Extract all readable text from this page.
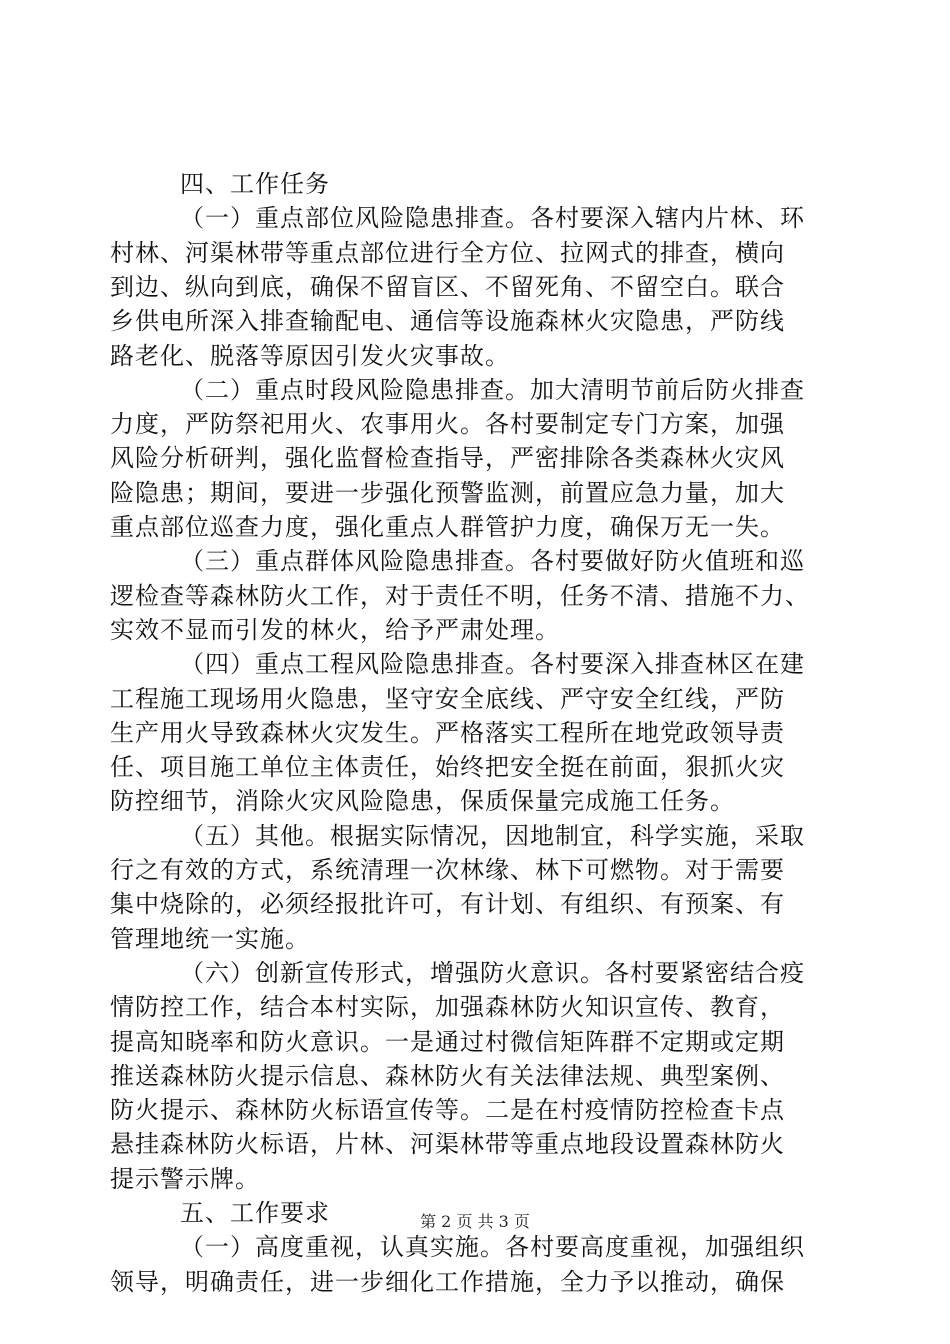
四、工作任务
（一）重点部位风险隐患排查。各村要深入辖内片林、环
村林、河渠林带等重点部位进行全方位、拉网式的排查，横向
到边、纵向到底，确保不留盲区、不留死角、不留空白。联合
乡供电所深入排查输配电、通信等设施森林火灾隐患，严防线
路老化、脱落等原因引发火灾事故。
（二）重点时段风险隐患排查。加大清明节前后防火排查
力度，严防祭祀用火、农事用火。各村要制定专门方案，加强
风险分析研判，强化监督检查指导，严密排除各类森林火灾风
险隐患；期间，要进一步强化预警监测，前置应急力量，加大
重点部位巡查力度，强化重点人群管护力度，确保万无一失。
（三）重点群体风险隐患排查。各村要做好防火值班和巡
逻检查等森林防火工作，对于责任不明，任务不清、措施不力、
实效不显而引发的林火，给予严肃处理。
（四）重点工程风险隐患排查。各村要深入排查林区在建
工程施工现场用火隐患，坚守安全底线、严守安全红线，严防
生产用火导致森林火灾发生。严格落实工程所在地党政领导责
任、项目施工单位主体责任，始终把安全挺在前面，狠抓火灾
防控细节，消除火灾风险隐患，保质保量完成施工任务。
（五）其他。根据实际情况，因地制宜，科学实施，采取
行之有效的方式，系统清理一次林缘、林下可燃物。对于需要
集中烧除的，必须经报批许可，有计划、有组织、有预案、有
管理地统一实施。
（六）创新宣传形式，增强防火意识。各村要紧密结合疫
情防控工作，结合本村实际，加强森林防火知识宣传、教育，
提高知晓率和防火意识。一是通过村微信矩阵群不定期或定期
推送森林防火提示信息、森林防火有关法律法规、典型案例、
防火提示、森林防火标语宣传等。二是在村疫情防控检查卡点
悬挂森林防火标语，片林、河渠林带等重点地段设置森林防火
提示警示牌。
五、工作要求
（一）高度重视，认真实施。各村要高度重视，加强组织
领导，明确责任，进一步细化工作措施，全力予以推动，确保
第 2 页 共 3 页
